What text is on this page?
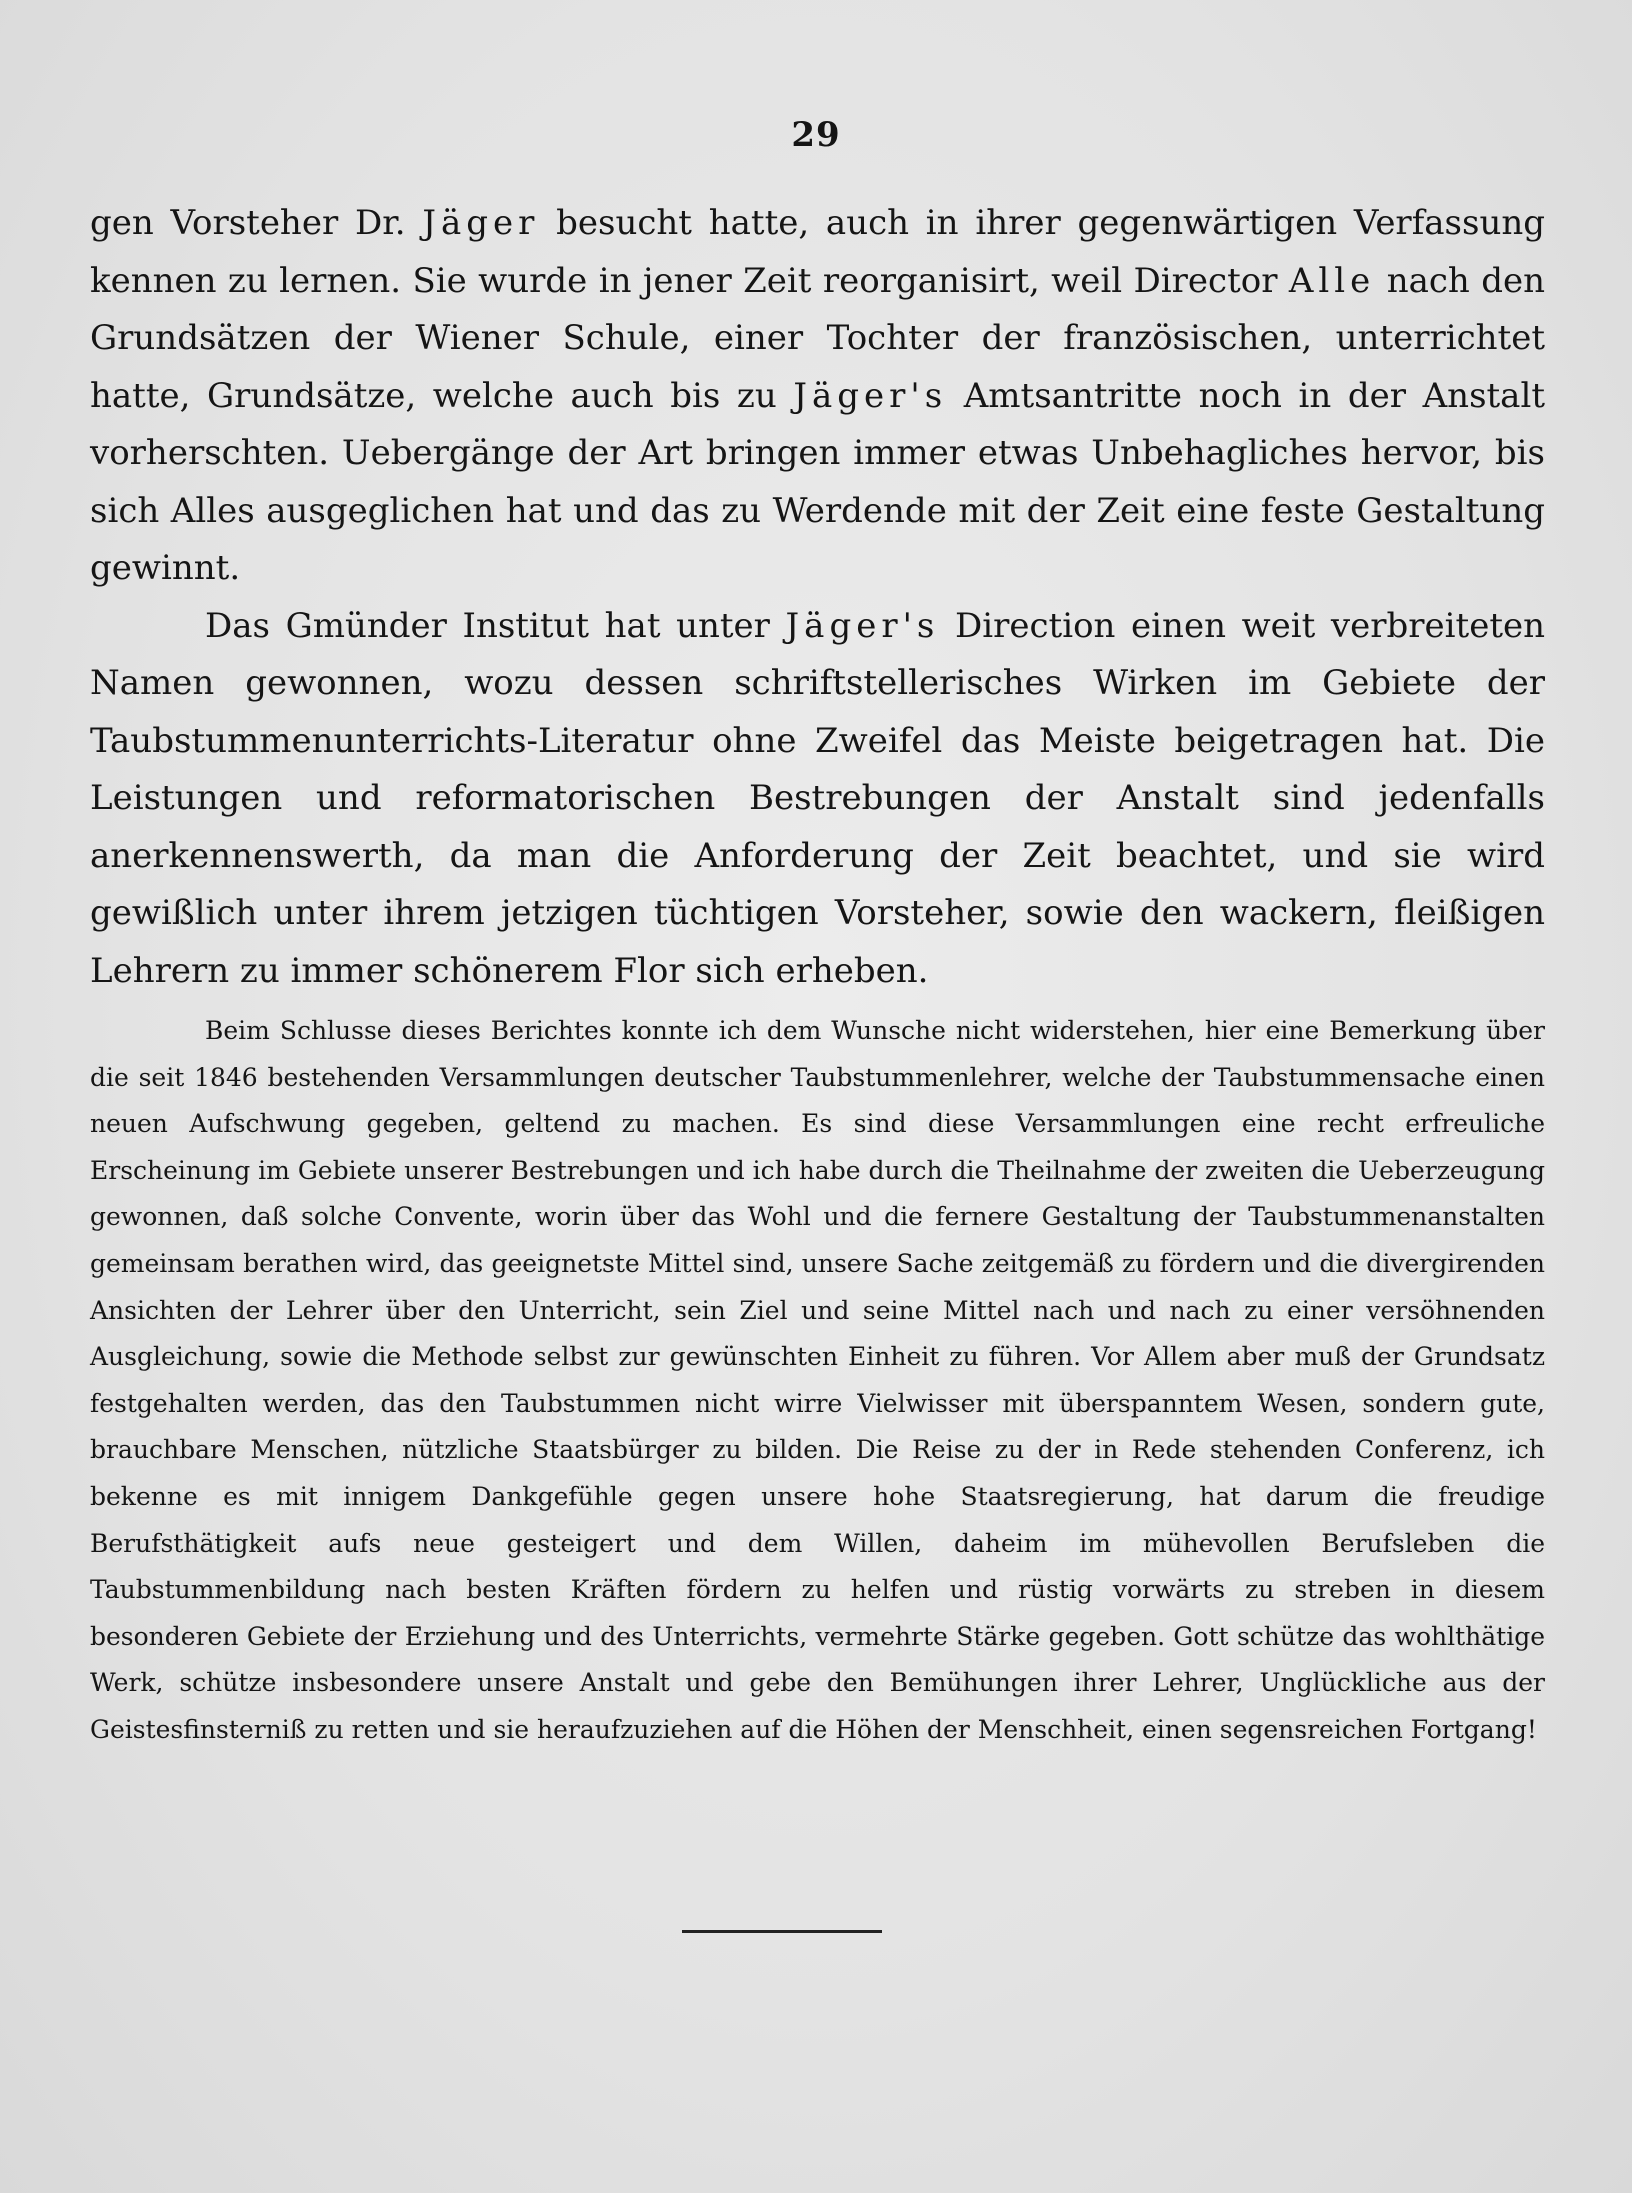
29

gen Vorsteher Dr. Jäger besucht hatte, auch in ihrer gegenwärtigen Verfassung kennen zu lernen. Sie wurde in jener Zeit reorganisirt, weil Director Alle nach den Grundsätzen der Wiener Schule, einer Tochter der französischen, unterrichtet hatte, Grundsätze, welche auch bis zu Jäger's Amtsantritte noch in der Anstalt vorherschten. Uebergänge der Art bringen immer etwas Unbehagliches hervor, bis sich Alles ausgeglichen hat und das zu Werdende mit der Zeit eine feste Gestaltung gewinnt.

Das Gmünder Institut hat unter Jäger's Direction einen weit verbreiteten Namen gewonnen, wozu dessen schriftstellerisches Wirken im Gebiete der Taubstummenunterrichts-Literatur ohne Zweifel das Meiste beigetragen hat. Die Leistungen und reformatorischen Bestrebungen der Anstalt sind jedenfalls anerkennenswerth, da man die Anforderung der Zeit beachtet, und sie wird gewißlich unter ihrem jetzigen tüchtigen Vorsteher, sowie den wackern, fleißigen Lehrern zu immer schönerem Flor sich erheben.

Beim Schlusse dieses Berichtes konnte ich dem Wunsche nicht widerstehen, hier eine Bemerkung über die seit 1846 bestehenden Versammlungen deutscher Taubstummenlehrer, welche der Taubstummensache einen neuen Aufschwung gegeben, geltend zu machen. Es sind diese Versammlungen eine recht erfreuliche Erscheinung im Gebiete unserer Bestrebungen und ich habe durch die Theilnahme der zweiten die Ueberzeugung gewonnen, daß solche Convente, worin über das Wohl und die fernere Gestaltung der Taubstummenanstalten gemeinsam berathen wird, das geeignetste Mittel sind, unsere Sache zeitgemäß zu fördern und die divergirenden Ansichten der Lehrer über den Unterricht, sein Ziel und seine Mittel nach und nach zu einer versöhnenden Ausgleichung, sowie die Methode selbst zur gewünschten Einheit zu führen. Vor Allem aber muß der Grundsatz festgehalten werden, das den Taubstummen nicht wirre Vielwisser mit überspanntem Wesen, sondern gute, brauchbare Menschen, nützliche Staatsbürger zu bilden. Die Reise zu der in Rede stehenden Conferenz, ich bekenne es mit innigem Dankgefühle gegen unsere hohe Staatsregierung, hat darum die freudige Berufsthätigkeit aufs neue gesteigert und dem Willen, daheim im mühevollen Berufsleben die Taubstummenbildung nach besten Kräften fördern zu helfen und rüstig vorwärts zu streben in diesem besonderen Gebiete der Erziehung und des Unterrichts, vermehrte Stärke gegeben. Gott schütze das wohlthätige Werk, schütze insbesondere unsere Anstalt und gebe den Bemühungen ihrer Lehrer, Unglückliche aus der Geistesfinsterniß zu retten und sie heraufzuziehen auf die Höhen der Menschheit, einen segensreichen Fortgang!
